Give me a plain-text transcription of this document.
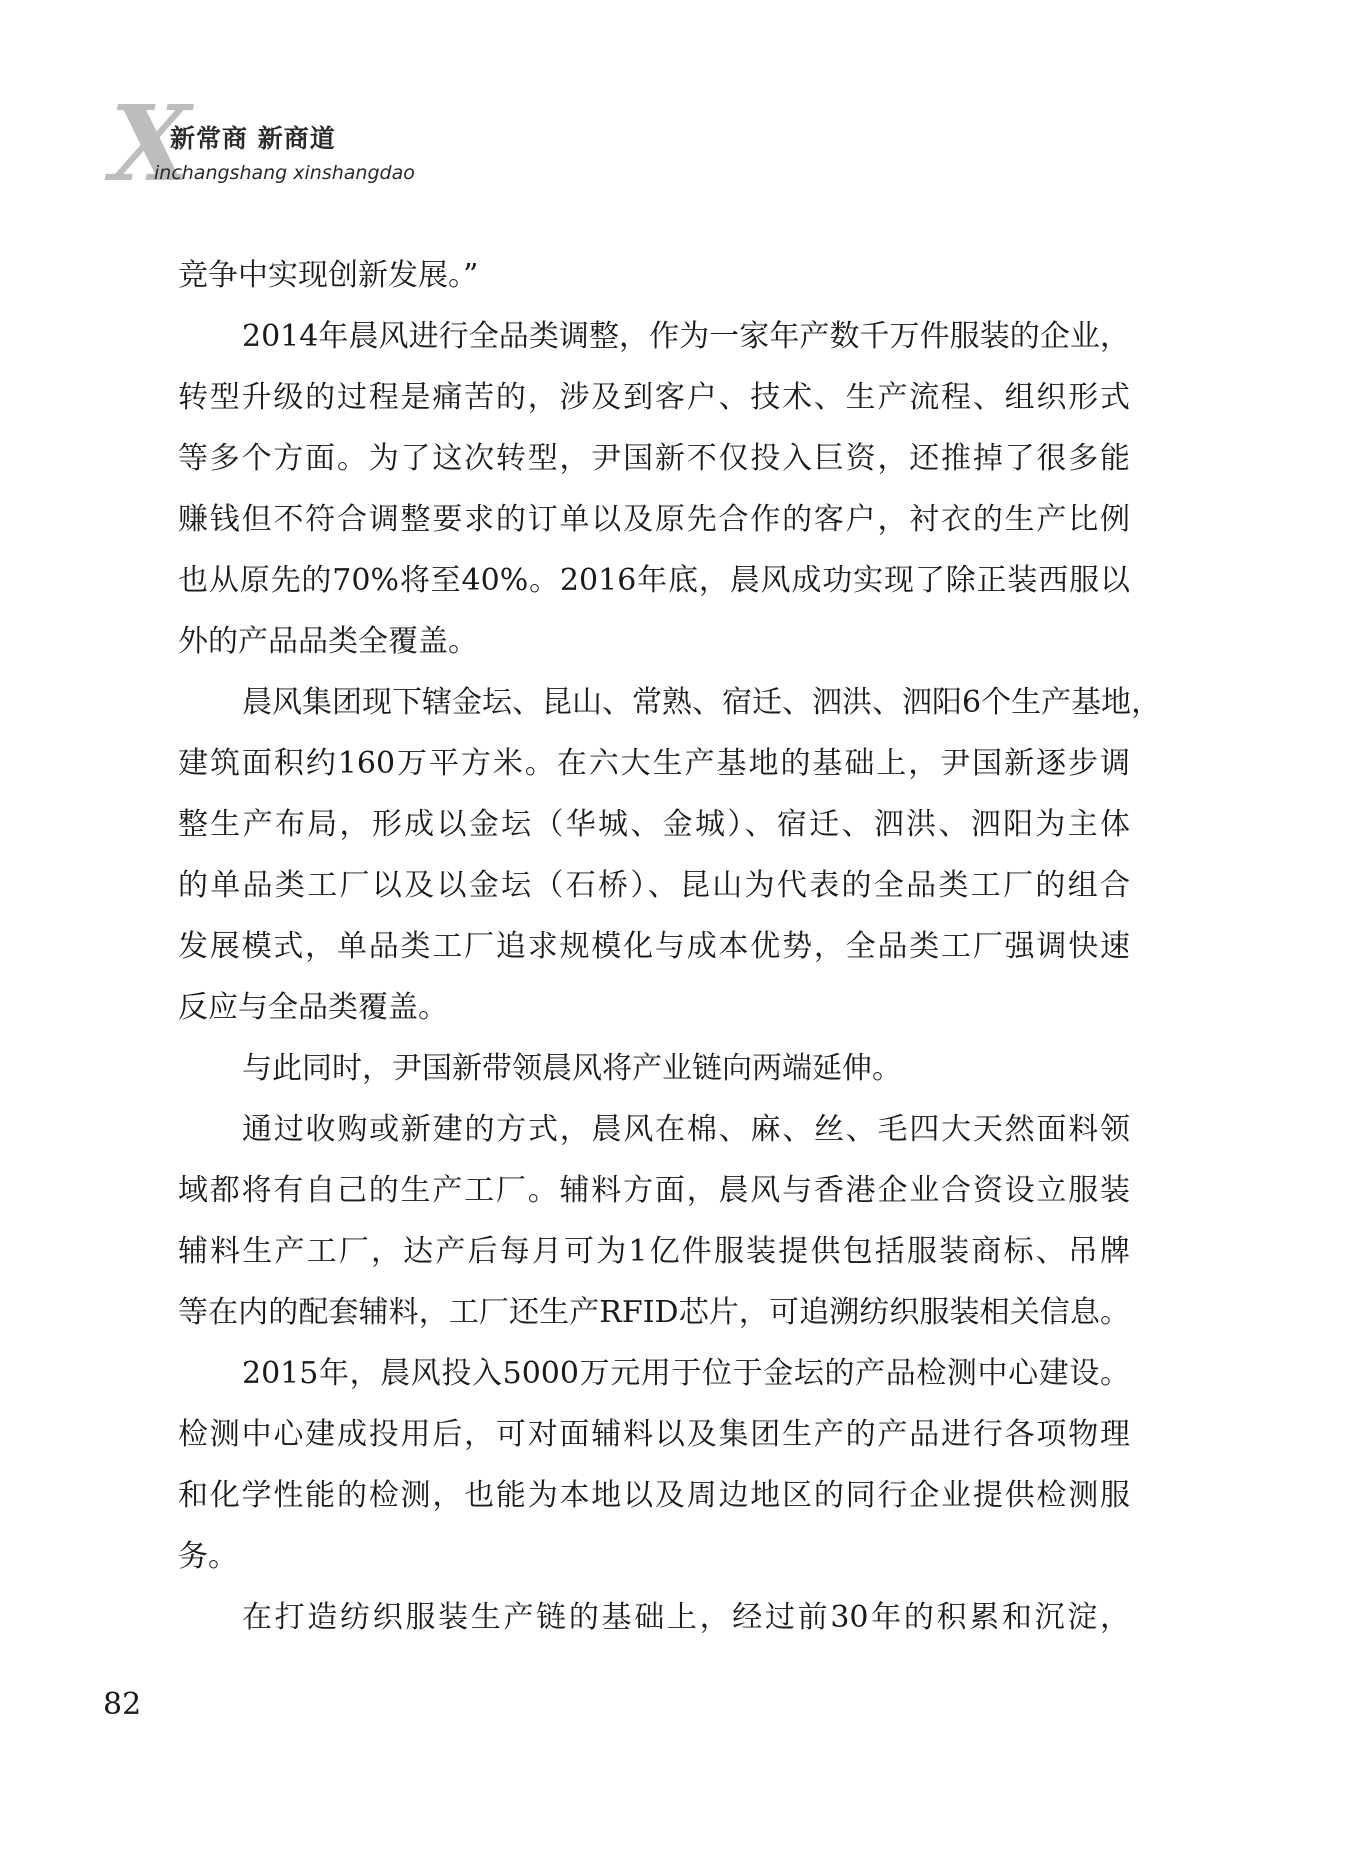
X
新常商 新商道
inchangshang xinshangdao
竞争中实现创新发展。”
2014年晨风进行全品类调整，作为一家年产数千万件服装的企业，
转型升级的过程是痛苦的，涉及到客户、技术、生产流程、组织形式
等多个方面。为了这次转型，尹国新不仅投入巨资，还推掉了很多能
赚钱但不符合调整要求的订单以及原先合作的客户，衬衣的生产比例
也从原先的70%将至40%。2016年底，晨风成功实现了除正装西服以
外的产品品类全覆盖。
晨风集团现下辖金坛、昆山、常熟、宿迁、泗洪、泗阳6个生产基地，
建筑面积约160万平方米。在六大生产基地的基础上，尹国新逐步调
整生产布局，形成以金坛（华城、金城）、宿迁、泗洪、泗阳为主体
的单品类工厂以及以金坛（石桥）、昆山为代表的全品类工厂的组合
发展模式，单品类工厂追求规模化与成本优势，全品类工厂强调快速
反应与全品类覆盖。
与此同时，尹国新带领晨风将产业链向两端延伸。
通过收购或新建的方式，晨风在棉、麻、丝、毛四大天然面料领
域都将有自己的生产工厂。辅料方面，晨风与香港企业合资设立服装
辅料生产工厂，达产后每月可为1亿件服装提供包括服装商标、吊牌
等在内的配套辅料，工厂还生产RFID芯片，可追溯纺织服装相关信息。
2015年，晨风投入5000万元用于位于金坛的产品检测中心建设。
检测中心建成投用后，可对面辅料以及集团生产的产品进行各项物理
和化学性能的检测，也能为本地以及周边地区的同行企业提供检测服
务。
在打造纺织服装生产链的基础上，经过前30年的积累和沉淀，
82
